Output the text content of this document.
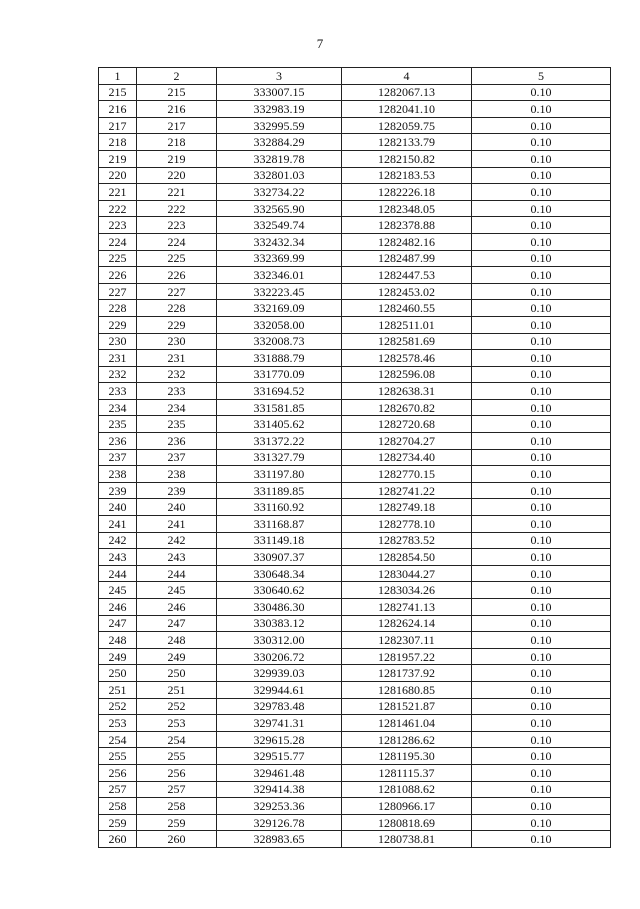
7
1	2	3	4	5
215	215	333007.15	1282067.13	0.10
216	216	332983.19	1282041.10	0.10
217	217	332995.59	1282059.75	0.10
218	218	332884.29	1282133.79	0.10
219	219	332819.78	1282150.82	0.10
220	220	332801.03	1282183.53	0.10
221	221	332734.22	1282226.18	0.10
222	222	332565.90	1282348.05	0.10
223	223	332549.74	1282378.88	0.10
224	224	332432.34	1282482.16	0.10
225	225	332369.99	1282487.99	0.10
226	226	332346.01	1282447.53	0.10
227	227	332223.45	1282453.02	0.10
228	228	332169.09	1282460.55	0.10
229	229	332058.00	1282511.01	0.10
230	230	332008.73	1282581.69	0.10
231	231	331888.79	1282578.46	0.10
232	232	331770.09	1282596.08	0.10
233	233	331694.52	1282638.31	0.10
234	234	331581.85	1282670.82	0.10
235	235	331405.62	1282720.68	0.10
236	236	331372.22	1282704.27	0.10
237	237	331327.79	1282734.40	0.10
238	238	331197.80	1282770.15	0.10
239	239	331189.85	1282741.22	0.10
240	240	331160.92	1282749.18	0.10
241	241	331168.87	1282778.10	0.10
242	242	331149.18	1282783.52	0.10
243	243	330907.37	1282854.50	0.10
244	244	330648.34	1283044.27	0.10
245	245	330640.62	1283034.26	0.10
246	246	330486.30	1282741.13	0.10
247	247	330383.12	1282624.14	0.10
248	248	330312.00	1282307.11	0.10
249	249	330206.72	1281957.22	0.10
250	250	329939.03	1281737.92	0.10
251	251	329944.61	1281680.85	0.10
252	252	329783.48	1281521.87	0.10
253	253	329741.31	1281461.04	0.10
254	254	329615.28	1281286.62	0.10
255	255	329515.77	1281195.30	0.10
256	256	329461.48	1281115.37	0.10
257	257	329414.38	1281088.62	0.10
258	258	329253.36	1280966.17	0.10
259	259	329126.78	1280818.69	0.10
260	260	328983.65	1280738.81	0.10
